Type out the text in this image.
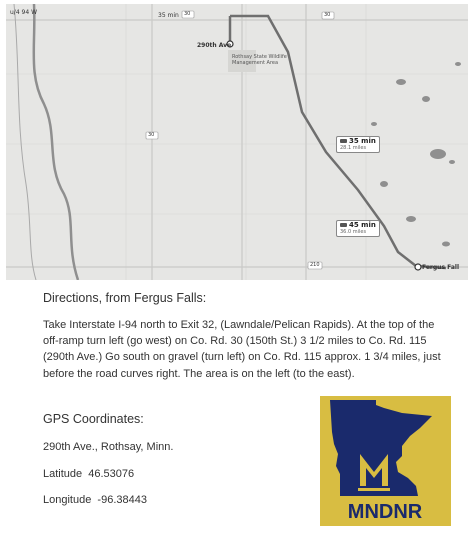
u/4 94 W	35 min
290th Ave
Rothsay State Wildlife
Management Area
Fergus Fall
30	30
30
210
35 min
28.1 miles
45 min
36.0 miles
Directions, from Fergus Falls:
Take Interstate I-94 north to Exit 32, (Lawndale/Pelican Rapids). At the top of the off-ramp turn left (go west) on Co. Rd. 30 (150th St.) 3 1/2 miles to Co. Rd. 115 (290th Ave.) Go south on gravel (turn left) on Co. Rd. 115 approx. 1 3/4 miles, just before the road curves right. The area is on the left (to the east).
GPS Coordinates:
290th Ave., Rothsay, Minn.
Latitude  46.53076
Longitude  -96.38443
MNDNR
